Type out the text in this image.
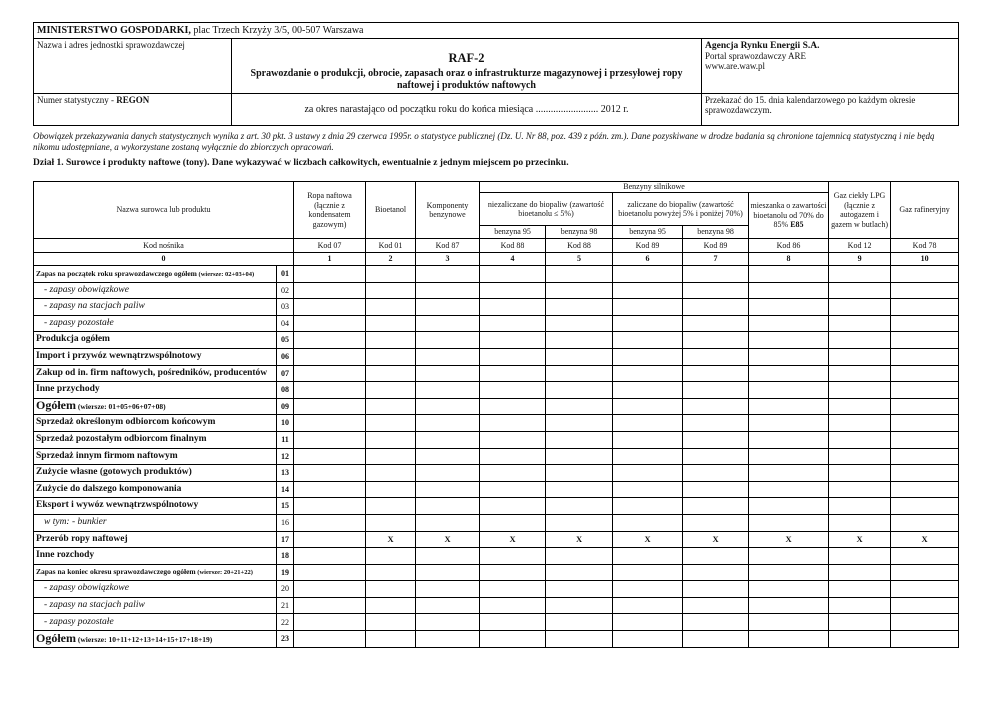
MINISTERSTWO GOSPODARKI, plac Trzech Krzyży 3/5, 00-507 Warszawa		
Nazwa i adres jednostki sprawozdawczej	RAF-2
Sprawozdanie o produkcji, obrocie, zapasach oraz o infrastrukturze magazynowej i przesyłowej ropy naftowej i produktów naftowych	Agencja Rynku Energii S.A.
Portal sprawozdawczy ARE
www.are.waw.pl
Numer statystyczny - REGON	za okres narastająco od początku roku do końca miesiąca ......................... 2012 r.	Przekazać do 15. dnia kalendarzowego po każdym okresie sprawozdawczym.
Obowiązek przekazywania danych statystycznych wynika z art. 30 pkt. 3 ustawy z dnia 29 czerwca 1995r. o statystyce publicznej (Dz. U. Nr 88, poz. 439 z późn. zm.). Dane pozyskiwane w drodze badania są chronione tajemnicą statystyczną i nie będą nikomu udostępniane, a wykorzystane zostaną wyłącznie do zbiorczych opracowań.
Dział 1. Surowce i produkty naftowe (tony). Dane wykazywać w liczbach całkowitych, ewentualnie z jednym miejscem po przecinku.
Nazwa surowca lub produktu		Ropa naftowa (łącznie z kondensatem gazowym)	Bioetanol	Komponenty benzynowe	Benzyny silnikowe					Gaz ciekły LPG (łącznie z autogazem i gazem w butlach)	Gaz rafineryjny
					niezaliczane do biopaliw (zawartość bioetanolu ≤ 5%)		zaliczane do biopaliw (zawartość bioetanolu powyżej 5% i poniżej 70%)		mieszanka o zawartości bioetanolu od 70% do 85% E85		
					benzyna 95	benzyna 98	benzyna 95	benzyna 98			
Kod nośnika		Kod 07	Kod 01	Kod 87	Kod 88	Kod 88	Kod 89	Kod 89	Kod 86	Kod 12	Kod 78
0		1	2	3	4	5	6	7	8	9	10
Zapas na początek roku sprawozdawczego ogółem (wiersze: 02+03+04)	01										
- zapasy obowiązkowe	02										
- zapasy na stacjach paliw	03										
- zapasy pozostałe	04										
Produkcja ogółem	05										
Import i przywóz wewnątrzwspólnotowy	06										
Zakup od in. firm naftowych, pośredników, producentów	07										
Inne przychody	08										
Ogółem (wiersze: 01+05+06+07+08)	09										
Sprzedaż określonym odbiorcom końcowym	10										
Sprzedaż pozostałym odbiorcom finalnym	11										
Sprzedaż innym firmom naftowym	12										
Zużycie własne (gotowych produktów)	13										
Zużycie do dalszego komponowania	14										
Eksport i wywóz wewnątrzwspólnotowy	15										
w tym: - bunkier	16										
Przerób ropy naftowej	17		X	X	X	X	X	X	X	X	X
Inne rozchody	18										
Zapas na koniec okresu sprawozdawczego ogółem (wiersze: 20+21+22)	19										
- zapasy obowiązkowe	20										
- zapasy na stacjach paliw	21										
- zapasy pozostałe	22										
Ogółem (wiersze: 10+11+12+13+14+15+17+18+19)	23										
